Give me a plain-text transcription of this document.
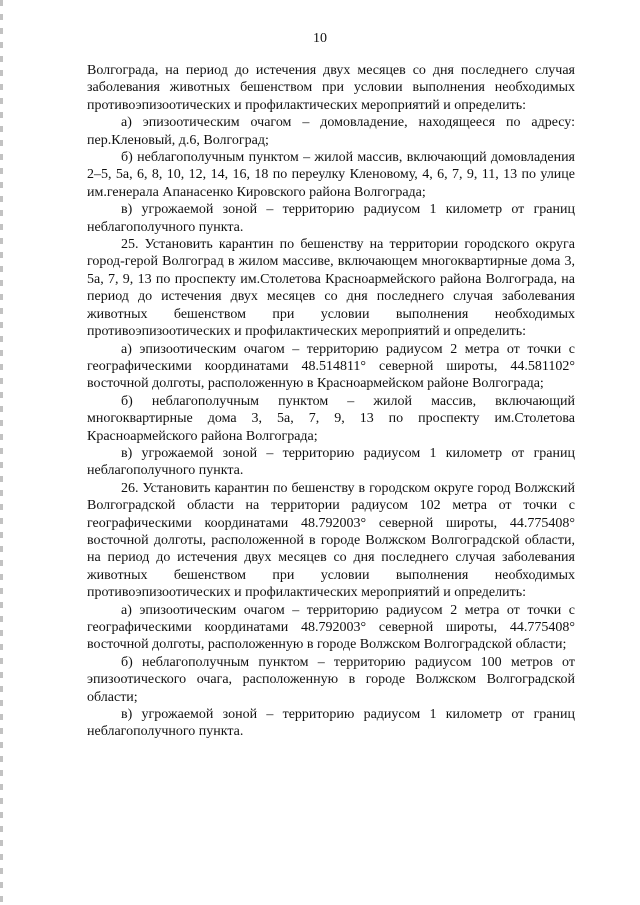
10

Волгограда, на период до истечения двух месяцев со дня последнего случая заболевания животных бешенством при условии выполнения необходимых противоэпизоотических и профилактических мероприятий и определить:

а) эпизоотическим очагом – домовладение, находящееся по адресу: пер.Кленовый, д.6, Волгоград;

б) неблагополучным пунктом – жилой массив, включающий домовладения 2–5, 5а, 6, 8, 10, 12, 14, 16, 18 по переулку Кленовому, 4, 6, 7, 9, 11, 13 по улице им.генерала Апанасенко Кировского района Волгограда;

в) угрожаемой зоной – территорию радиусом 1 километр от границ неблагополучного пункта.

25. Установить карантин по бешенству на территории городского округа город-герой Волгоград в жилом массиве, включающем многоквартирные дома 3, 5а, 7, 9, 13 по проспекту им.Столетова Красноармейского района Волгограда, на период до истечения двух месяцев со дня последнего случая заболевания животных бешенством при условии выполнения необходимых противоэпизоотических и профилактических мероприятий и определить:

а) эпизоотическим очагом – территорию радиусом 2 метра от точки с географическими координатами 48.514811° северной широты, 44.581102° восточной долготы, расположенную в Красноармейском районе Волгограда;

б) неблагополучным пунктом – жилой массив, включающий многоквартирные дома 3, 5а, 7, 9, 13 по проспекту им.Столетова Красноармейского района Волгограда;

в) угрожаемой зоной – территорию радиусом 1 километр от границ неблагополучного пункта.

26. Установить карантин по бешенству в городском округе город Волжский Волгоградской области на территории радиусом 102 метра от точки с географическими координатами 48.792003° северной широты, 44.775408° восточной долготы, расположенной в городе Волжском Волгоградской области, на период до истечения двух месяцев со дня последнего случая заболевания животных бешенством при условии выполнения необходимых противоэпизоотических и профилактических мероприятий и определить:

а) эпизоотическим очагом – территорию радиусом 2 метра от точки с географическими координатами 48.792003° северной широты, 44.775408° восточной долготы, расположенную в городе Волжском Волгоградской области;

б) неблагополучным пунктом – территорию радиусом 100 метров от эпизоотического очага, расположенную в городе Волжском Волгоградской области;

в) угрожаемой зоной – территорию радиусом 1 километр от границ неблагополучного пункта.
